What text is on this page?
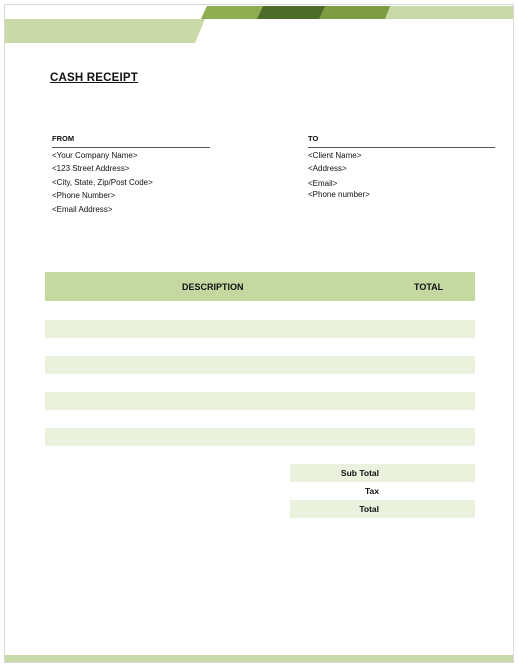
CASH RECEIPT
FROM
<Your Company Name>
<123 Street Address>
<City, State, Zip/Post Code>
<Phone Number>
<Email Address>
TO
<Client Name>
<Address>
<Email>
<Phone number>
DESCRIPTION	TOTAL
Sub Total
Tax
Total
